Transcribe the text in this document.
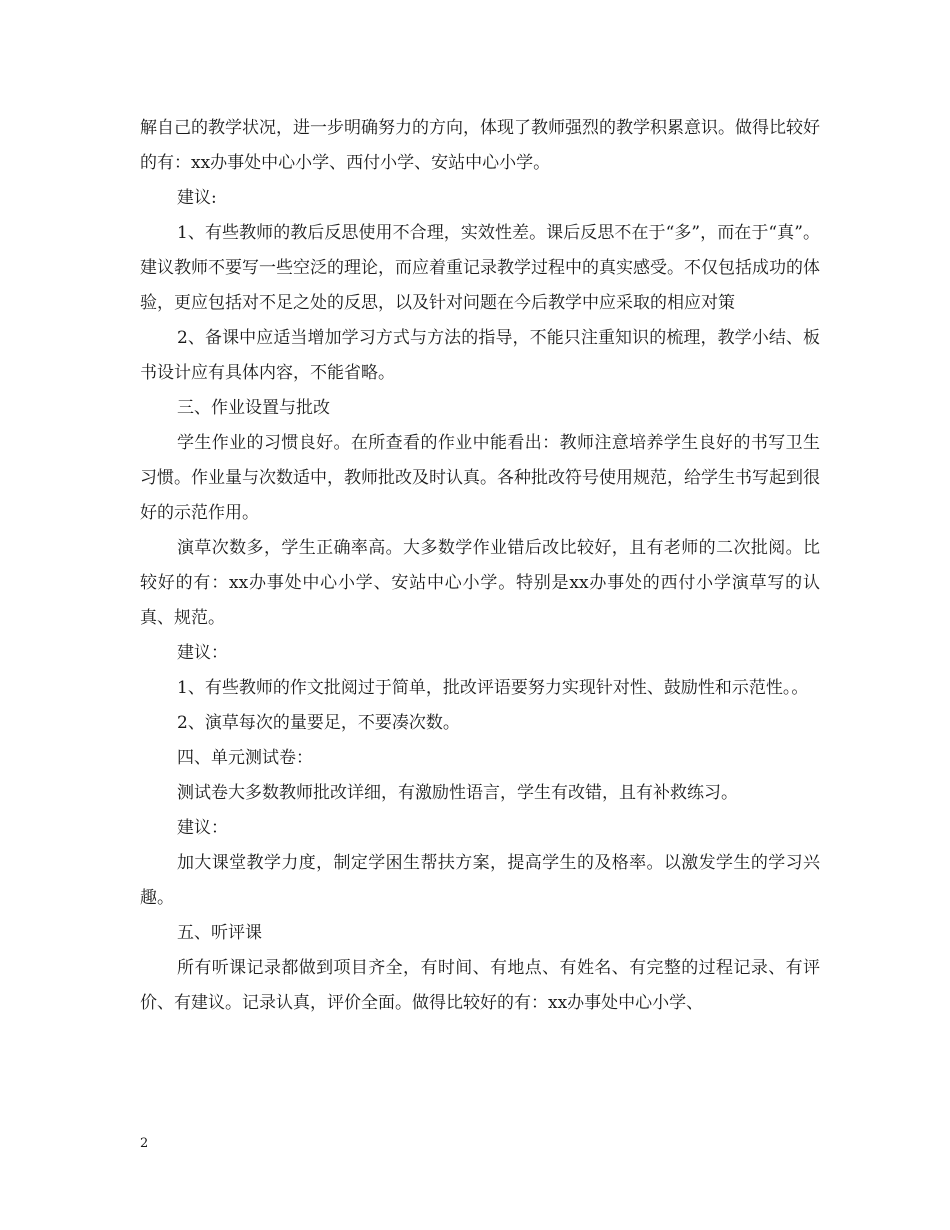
解自己的教学状况，进一步明确努力的方向，体现了教师强烈的教学积累意识。做得比较好的有：xx办事处中心小学、西付小学、安站中心小学。

建议:

1、有些教师的教后反思使用不合理，实效性差。课后反思不在于“多”，而在于“真”。建议教师不要写一些空泛的理论，而应着重记录教学过程中的真实感受。不仅包括成功的体验，更应包括对不足之处的反思，以及针对问题在今后教学中应采取的相应对策

2、备课中应适当增加学习方式与方法的指导，不能只注重知识的梳理，教学小结、板书设计应有具体内容，不能省略。

三、作业设置与批改

学生作业的习惯良好。在所查看的作业中能看出：教师注意培养学生良好的书写卫生习惯。作业量与次数适中，教师批改及时认真。各种批改符号使用规范，给学生书写起到很好的示范作用。

演草次数多，学生正确率高。大多数学作业错后改比较好，且有老师的二次批阅。比较好的有：xx办事处中心小学、安站中心小学。特别是xx办事处的西付小学演草写的认真、规范。

建议：

1、有些教师的作文批阅过于简单，批改评语要努力实现针对性、鼓励性和示范性。。

2、演草每次的量要足，不要凑次数。

四、单元测试卷：

测试卷大多数教师批改详细，有激励性语言，学生有改错，且有补救练习。

建议：

加大课堂教学力度，制定学困生帮扶方案，提高学生的及格率。以激发学生的学习兴趣。

五、听评课

所有听课记录都做到项目齐全，有时间、有地点、有姓名、有完整的过程记录、有评价、有建议。记录认真，评价全面。做得比较好的有：xx办事处中心小学、

2
